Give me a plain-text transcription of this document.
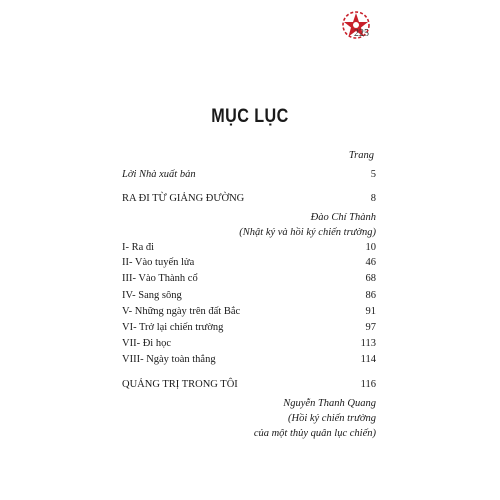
225
MỤC LỤC
Trang
Lời Nhà xuất bản	5
RA ĐI TỪ GIẢNG ĐƯỜNG	8
Đào Chí Thành
(Nhật ký và hồi ký chiến trường)
I- Ra đi	10
II- Vào tuyến lửa	46
III- Vào Thành cổ	68
IV- Sang sông	86
V- Những ngày trên đất Bắc	91
VI- Trở lại chiến trường	97
VII- Đi học	113
VIII- Ngày toàn thắng	114
QUẢNG TRỊ TRONG TÔI	116
Nguyễn Thanh Quang
(Hồi ký chiến trường
của một thủy quân lục chiến)
